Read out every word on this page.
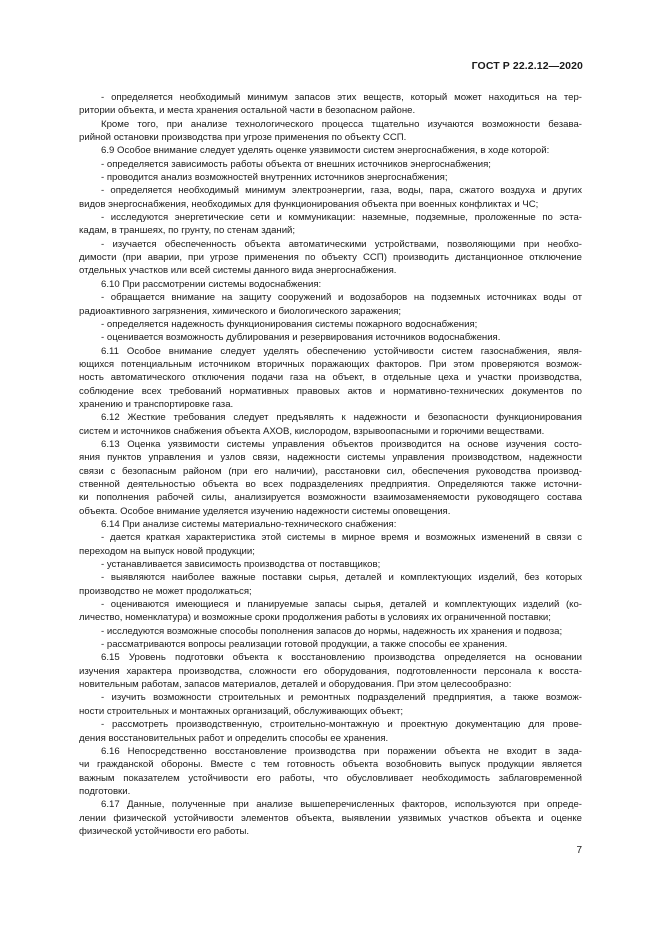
ГОСТ Р 22.2.12—2020

- определяется необходимый минимум запасов этих веществ, который может находиться на тер-
ритории объекта, и места хранения остальной части в безопасном районе.

Кроме того, при анализе технологического процесса тщательно изучаются возможности безава-
рийной остановки производства при угрозе применения по объекту ССП.

6.9 Особое внимание следует уделять оценке уязвимости систем энергоснабжения, в ходе которой:

- определяется зависимость работы объекта от внешних источников энергоснабжения;

- проводится анализ возможностей внутренних источников энергоснабжения;

- определяется необходимый минимум электроэнергии, газа, воды, пара, сжатого воздуха и других
видов энергоснабжения, необходимых для функционирования объекта при военных конфликтах и ЧС;

- исследуются энергетические сети и коммуникации: наземные, подземные, проложенные по эста-
кадам, в траншеях, по грунту, по стенам зданий;

- изучается обеспеченность объекта автоматическими устройствами, позволяющими при необхо-
димости (при аварии, при угрозе применения по объекту ССП) производить дистанционное отключение
отдельных участков или всей системы данного вида энергоснабжения.

6.10 При рассмотрении системы водоснабжения:

- обращается внимание на защиту сооружений и водозаборов на подземных источниках воды от
радиоактивного загрязнения, химического и биологического заражения;

- определяется надежность функционирования системы пожарного водоснабжения;

- оценивается возможность дублирования и резервирования источников водоснабжения.

6.11 Особое внимание следует уделять обеспечению устойчивости систем газоснабжения, явля-
ющихся потенциальным источником вторичных поражающих факторов. При этом проверяются возмож-
ность автоматического отключения подачи газа на объект, в отдельные цеха и участки производства,
соблюдение всех требований нормативных правовых актов и нормативно-технических документов по
хранению и транспортировке газа.

6.12 Жесткие требования следует предъявлять к надежности и безопасности функционирования
систем и источников снабжения объекта АХОВ, кислородом, взрывоопасными и горючими веществами.

6.13 Оценка уязвимости системы управления объектов производится на основе изучения состо-
яния пунктов управления и узлов связи, надежности системы управления производством, надежности
связи с безопасным районом (при его наличии), расстановки сил, обеспечения руководства производ-
ственной деятельностью объекта во всех подразделениях предприятия. Определяются также источни-
ки пополнения рабочей силы, анализируется возможности взаимозаменяемости руководящего состава
объекта. Особое внимание уделяется изучению надежности системы оповещения.

6.14 При анализе системы материально-технического снабжения:

- дается краткая характеристика этой системы в мирное время и возможных изменений в связи с
переходом на выпуск новой продукции;

- устанавливается зависимость производства от поставщиков;

- выявляются наиболее важные поставки сырья, деталей и комплектующих изделий, без которых
производство не может продолжаться;

- оцениваются имеющиеся и планируемые запасы сырья, деталей и комплектующих изделий (ко-
личество, номенклатура) и возможные сроки продолжения работы в условиях их ограниченной поставки;

- исследуются возможные способы пополнения запасов до нормы, надежность их хранения и подвоза;

- рассматриваются вопросы реализации готовой продукции, а также способы ее хранения.

6.15 Уровень подготовки объекта к восстановлению производства определяется на основании
изучения характера производства, сложности его оборудования, подготовленности персонала к восста-
новительным работам, запасов материалов, деталей и оборудования. При этом целесообразно:

- изучить возможности строительных и ремонтных подразделений предприятия, а также возмож-
ности строительных и монтажных организаций, обслуживающих объект;

- рассмотреть производственную, строительно-монтажную и проектную документацию для прове-
дения восстановительных работ и определить способы ее хранения.

6.16 Непосредственно восстановление производства при поражении объекта не входит в зада-
чи гражданской обороны. Вместе с тем готовность объекта возобновить выпуск продукции является
важным показателем устойчивости его работы, что обусловливает необходимость заблаговременной
подготовки.

6.17 Данные, полученные при анализе вышеперечисленных факторов, используются при опреде-
лении физической устойчивости элементов объекта, выявлении уязвимых участков объекта и оценке
физической устойчивости его работы.

7
